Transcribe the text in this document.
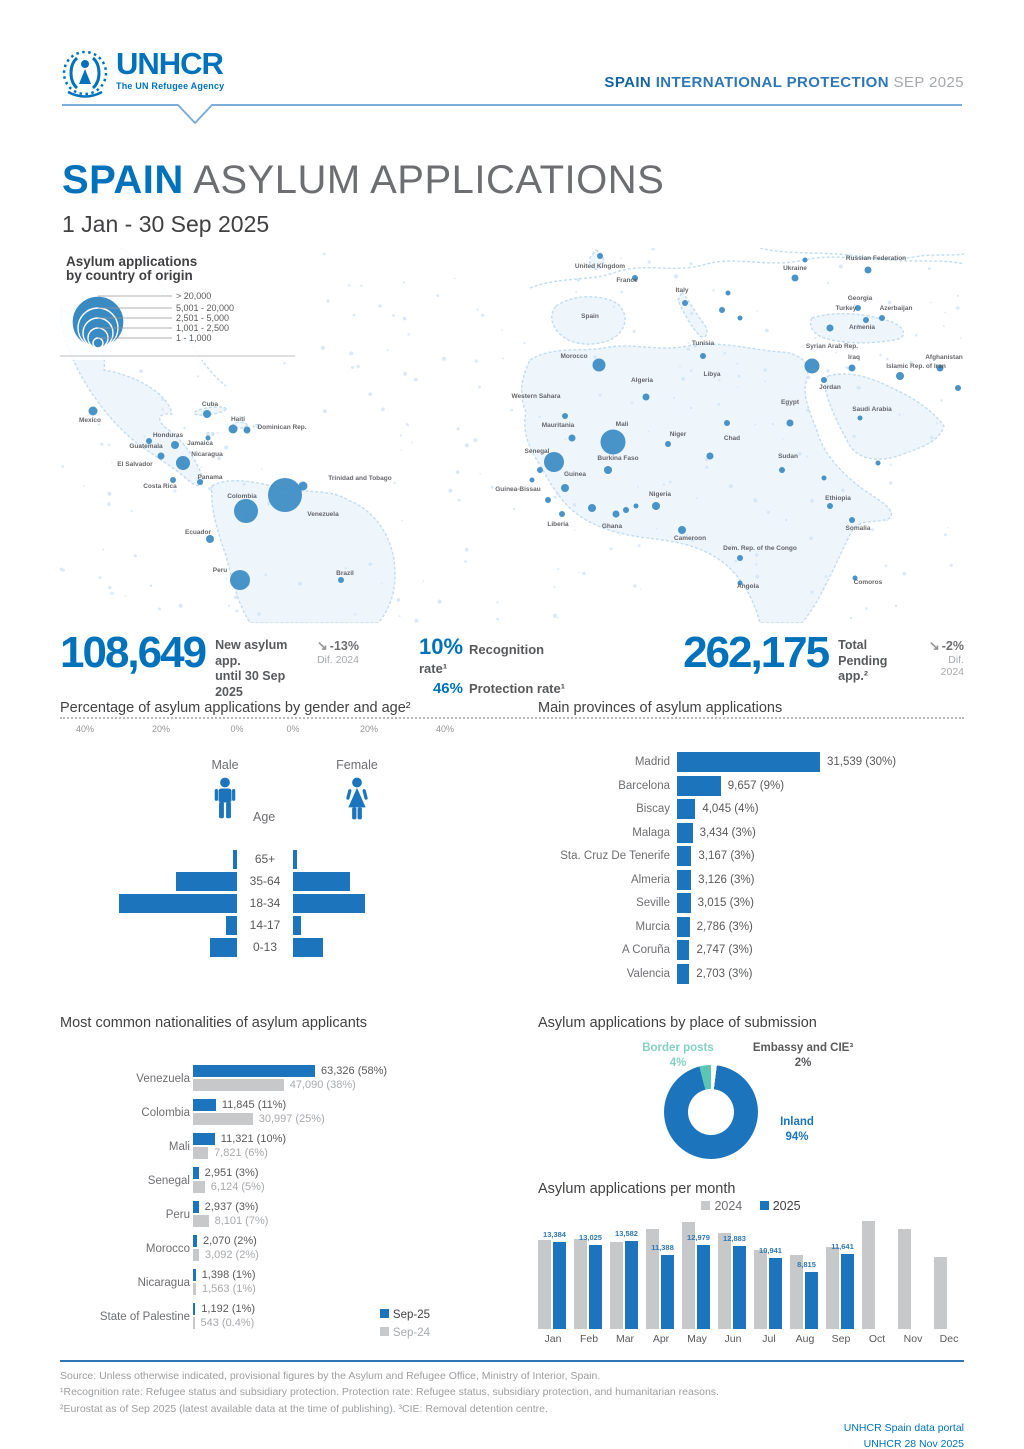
UNHCR
The UN Refugee Agency	SPAIN INTERNATIONAL PROTECTION SEP 2025
SPAIN ASYLUM APPLICATIONS
1 Jan - 30 Sep 2025
Mexico
Cuba
Jamaica
Haiti
Dominican Rep.
Honduras
El Salvador
Nicaragua
Costa Rica
Panama
Guatemala
Colombia
Venezuela
Trinidad and Tobago
Ecuador
Peru	Brazil
United Kingdom
Russian Federation
Ukraine
France
Spain
Italy
Turkey
Syrian Arab Rep.
Georgia
Armenia
Azerbaijan
Iraq
Islamic Rep. of Iran
Jordan
Saudi Arabia
Afghanistan
Morocco
Algeria
Tunisia
Libya
Egypt
Western Sahara
Mauritania	Mali
Niger
Chad
Sudan
Senegal
Guinea-Bissau
Guinea
Liberia
Burkina Faso
Nigeria
Ghana
Cameroon
Ethiopia
Somalia
Dem. Rep. of the Congo
Angola
Comoros
Asylum applications
by country of origin
> 20,000
5,001 - 20,000
2,501 - 5,000
1,001 - 2,500
1 - 1,000
108,649 New asylum app.
until 30 Sep 2025
↘ -13%
Dif. 2024
10% Recognition rate¹
46% Protection rate¹
262,175 Total
Pending app.²
↘ -2%
Dif. 2024
Percentage of asylum applications by gender and age²
Male	Female
Age
65+
35-64
18-34
14-17
0-13
40%	20%	0%	0%	20%	40%
Main provinces of asylum applications
Madrid	31,539 (30%)
Barcelona	9,657 (9%)
Biscay	4,045 (4%)
Malaga	3,434 (3%)
Sta. Cruz De Tenerife	3,167 (3%)
Almeria	3,126 (3%)
Seville	3,015 (3%)
Murcia	2,786 (3%)
A Coruña	2,747 (3%)
Valencia	2,703 (3%)
Most common nationalities of asylum applicants
Venezuela
63,326 (58%)
47,090 (38%)
Colombia
11,845 (11%)
30,997 (25%)
Mali
11,321 (10%)
7,821 (6%)
Senegal
2,951 (3%)
6,124 (5%)
Peru
2,937 (3%)
8,101 (7%)
Morocco
2,070 (2%)
3,092 (2%)
Nicaragua
1,398 (1%)
1,563 (1%)
State of Palestine
1,192 (1%)
543 (0.4%)
Sep-25
Sep-24
Asylum applications by place of submission
Border posts
4%
Embassy and CIE³
2%
Inland
94%
Asylum applications per month
2024 2025
13,384
Jan
13,025
Feb
13,582
Mar
11,388
Apr
12,979
May
12,883
Jun
10,941
Jul
8,815
Aug
11,641
Sep	Oct	Nov	Dec
Source: Unless otherwise indicated, provisional figures by the Asylum and Refugee Office, Ministry of Interior, Spain.
¹Recognition rate: Refugee status and subsidiary protection. Protection rate: Refugee status, subsidiary protection, and humanitarian reasons.
²Eurostat as of Sep 2025 (latest available data at the time of publishing). ³CIE: Removal detention centre.
UNHCR Spain data portal
UNHCR 28 Nov 2025
